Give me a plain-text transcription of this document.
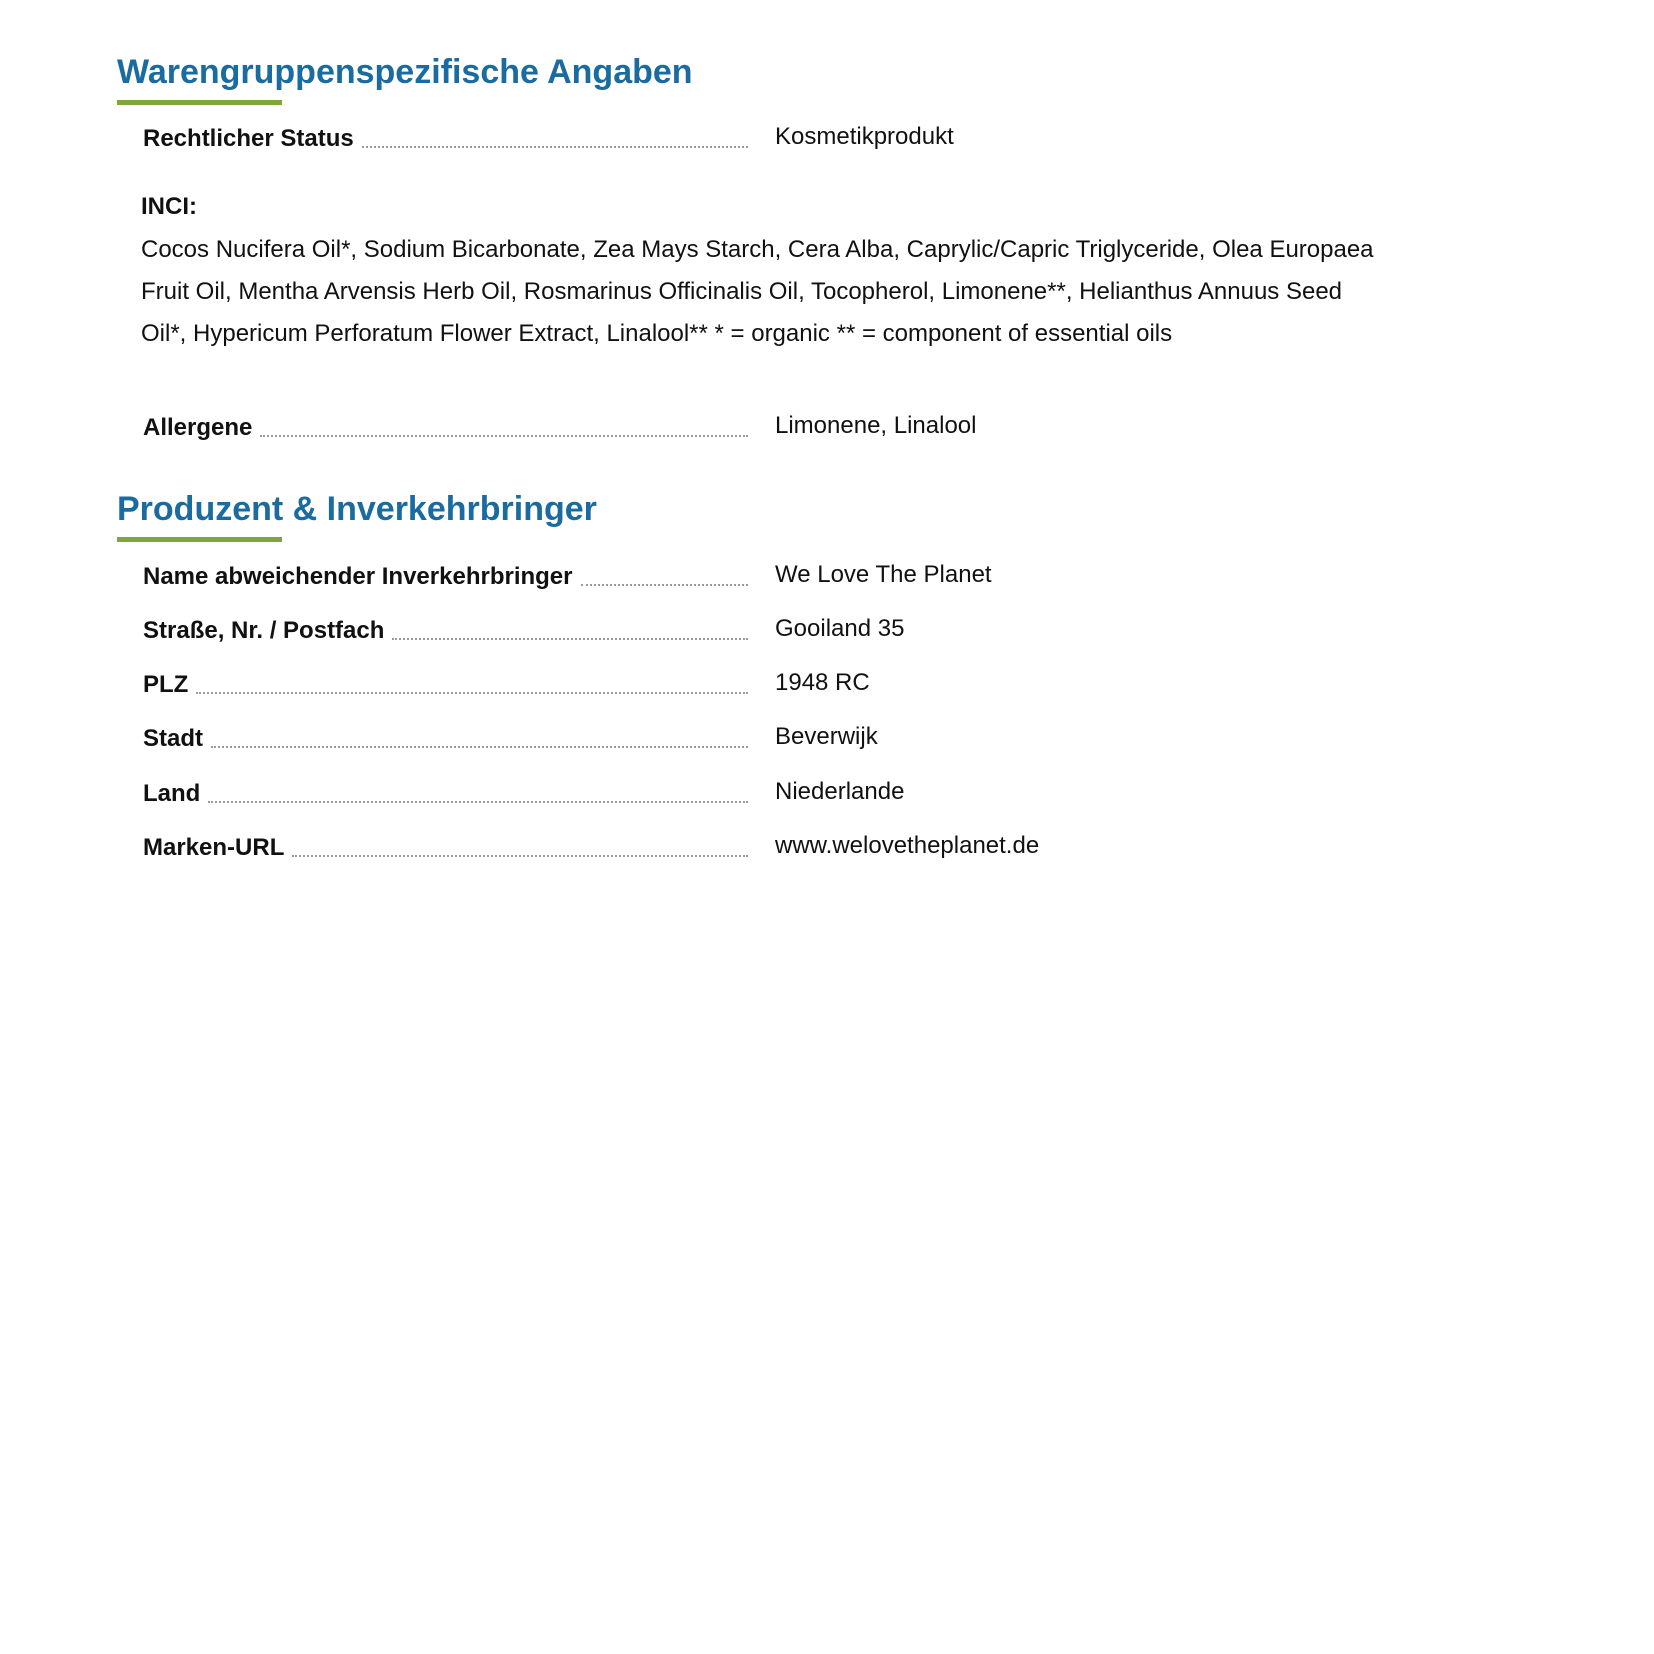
Warengruppenspezifische Angaben
Rechtlicher Status	Kosmetikprodukt

INCI:

Cocos Nucifera Oil*, Sodium Bicarbonate, Zea Mays Starch, Cera Alba, Caprylic/Capric Triglyceride, Olea Europaea Fruit Oil, Mentha Arvensis Herb Oil, Rosmarinus Officinalis Oil, Tocopherol, Limonene**, Helianthus Annuus Seed Oil*, Hypericum Perforatum Flower Extract, Linalool** * = organic ** = component of essential oils

Allergene	Limonene, Linalool
Produzent & Inverkehrbringer
Name abweichender Inverkehrbringer	We Love The Planet
Straße, Nr. / Postfach	Gooiland 35
PLZ	1948 RC
Stadt	Beverwijk
Land	Niederlande
Marken-URL	www.welovetheplanet.de
